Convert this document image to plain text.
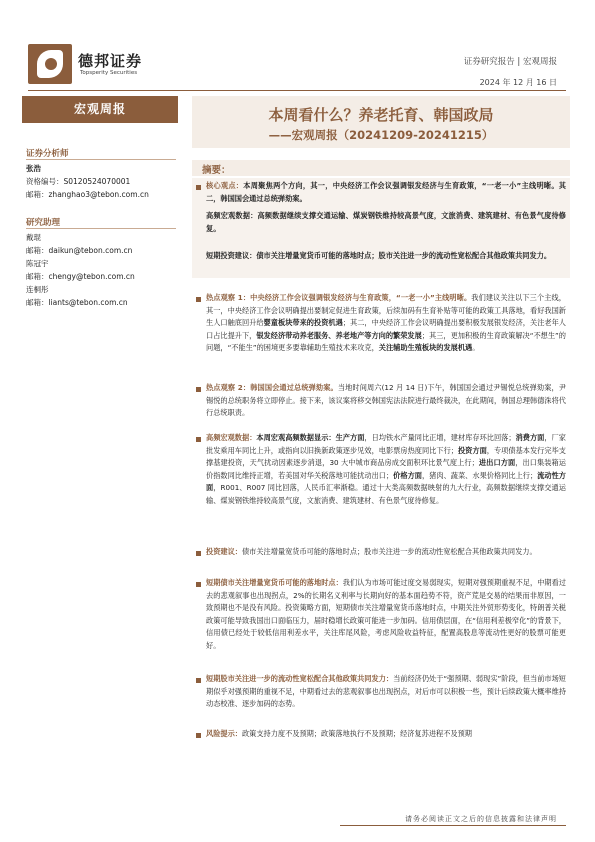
德邦证券
Topsperity Securities
证券研究报告 | 宏观周报
2024 年 12 月 16 日
宏观周报	本周看什么？养老托育、韩国政局
——宏观周报（20241209-20241215）
证券分析师
张浩
资格编号：S0120524070001
邮箱：zhanghao3@tebon.com.cn
研究助理
戴琨
邮箱：daikun@tebon.com.cn
陈冠宇
邮箱：chengy@tebon.com.cn
连桐彤
邮箱：liants@tebon.com.cn
摘要：
核心观点：本周聚焦两个方向，其一，中央经济工作会议强调银发经济与生育政策，“一老一小”主线明晰。其二，韩国国会通过总统弹劾案。
高频宏观数据：高频数据继续支撑交通运输、煤炭钢铁维持较高景气度，文旅消费、建筑建材、有色景气度待修复。
短期投资建议：债市关注增量宽货币可能的落地时点；股市关注进一步的流动性宽松配合其他政策共同发力。
热点观察 1：中央经济工作会议强调银发经济与生育政策，“一老一小”主线明晰。我们建议关注以下三个主线，其一，中央经济工作会议明确提出要制定促进生育政策，后续加码有生育补贴等可能的政策工具落地，看好我国新生人口触底回升给婴童板块带来的投资机遇；其二，中央经济工作会议明确提出要积极发展银发经济，关注老年人口占比提升下，银发经济带动养老服务、养老地产等方向的繁荣发展；其三，更加积极的生育政策解决“不想生”的问题，“不能生”的困境更多要靠辅助生殖技术来攻克，关注辅助生殖板块的发展机遇。
热点观察 2：韩国国会通过总统弹劾案。当地时间周六(12 月 14 日)下午，韩国国会通过尹锡悦总统弹劾案，尹锡悦的总统职务将立即停止。接下来，该议案将移交韩国宪法法院进行最终裁决，在此期间，韩国总理韩德洙将代行总统职责。
高频宏观数据：本周宏观高频数据显示：生产方面，日均铁水产量同比正增，建材库存环比回落；消费方面，厂家批发乘用车同比上升，或指向以旧换新政策逐步见效，电影票房热度同比下行；投资方面，专项债基本发行完毕支撑基建投资，天气扰动因素逐步消退，30 大中城市商品房成交面积环比景气度上行；进出口方面，出口集装箱运价指数同比维持正增，若美国对华关税落地可能扰动出口；价格方面，猪肉、蔬菜、水果价格同比上行；流动性方面，R001、R007 同比回落，人民币汇率渐稳。通过十大类高频数据映射的九大行业，高频数据继续支撑交通运输、煤炭钢铁维持较高景气度，文旅消费、建筑建材、有色景气度待修复。
投资建议：债市关注增量宽货币可能的落地时点；股市关注进一步的流动性宽松配合其他政策共同发力。
短期债市关注增量宽货币可能的落地时点：我们认为市场可能过度交易弱现实，短期对强预期重视不足，中期看过去的悲观叙事也出现拐点，2%的长期名义利率与长期向好的基本面趋势不符，资产荒是交易的结果而非原因，一致预期也不是没有风险。投资策略方面，短期债市关注增量宽货币落地时点，中期关注外贸形势变化，特朗普关税政策可能导致我国出口面临压力，届时稳增长政策可能进一步加码。信用债层面，在“信用利差极窄化”的背景下，信用债已经处于较低信用利差水平，关注库尾风险，考虑风险收益特征，配置高股息等流动性更好的股票可能更好。
短期股市关注进一步的流动性宽松配合其他政策共同发力：当前经济仍处于“强预期、弱现实”阶段，但当前市场短期似乎对强预期的重视不足，中期看过去的悲观叙事也出现拐点，对后市可以积极一些，预计后续政策大概率维持动态校准、逐步加码的态势。
风险提示：政策支持力度不及预期；政策落地执行不及预期；经济复苏进程不及预期
请务必阅读正文之后的信息披露和法律声明
